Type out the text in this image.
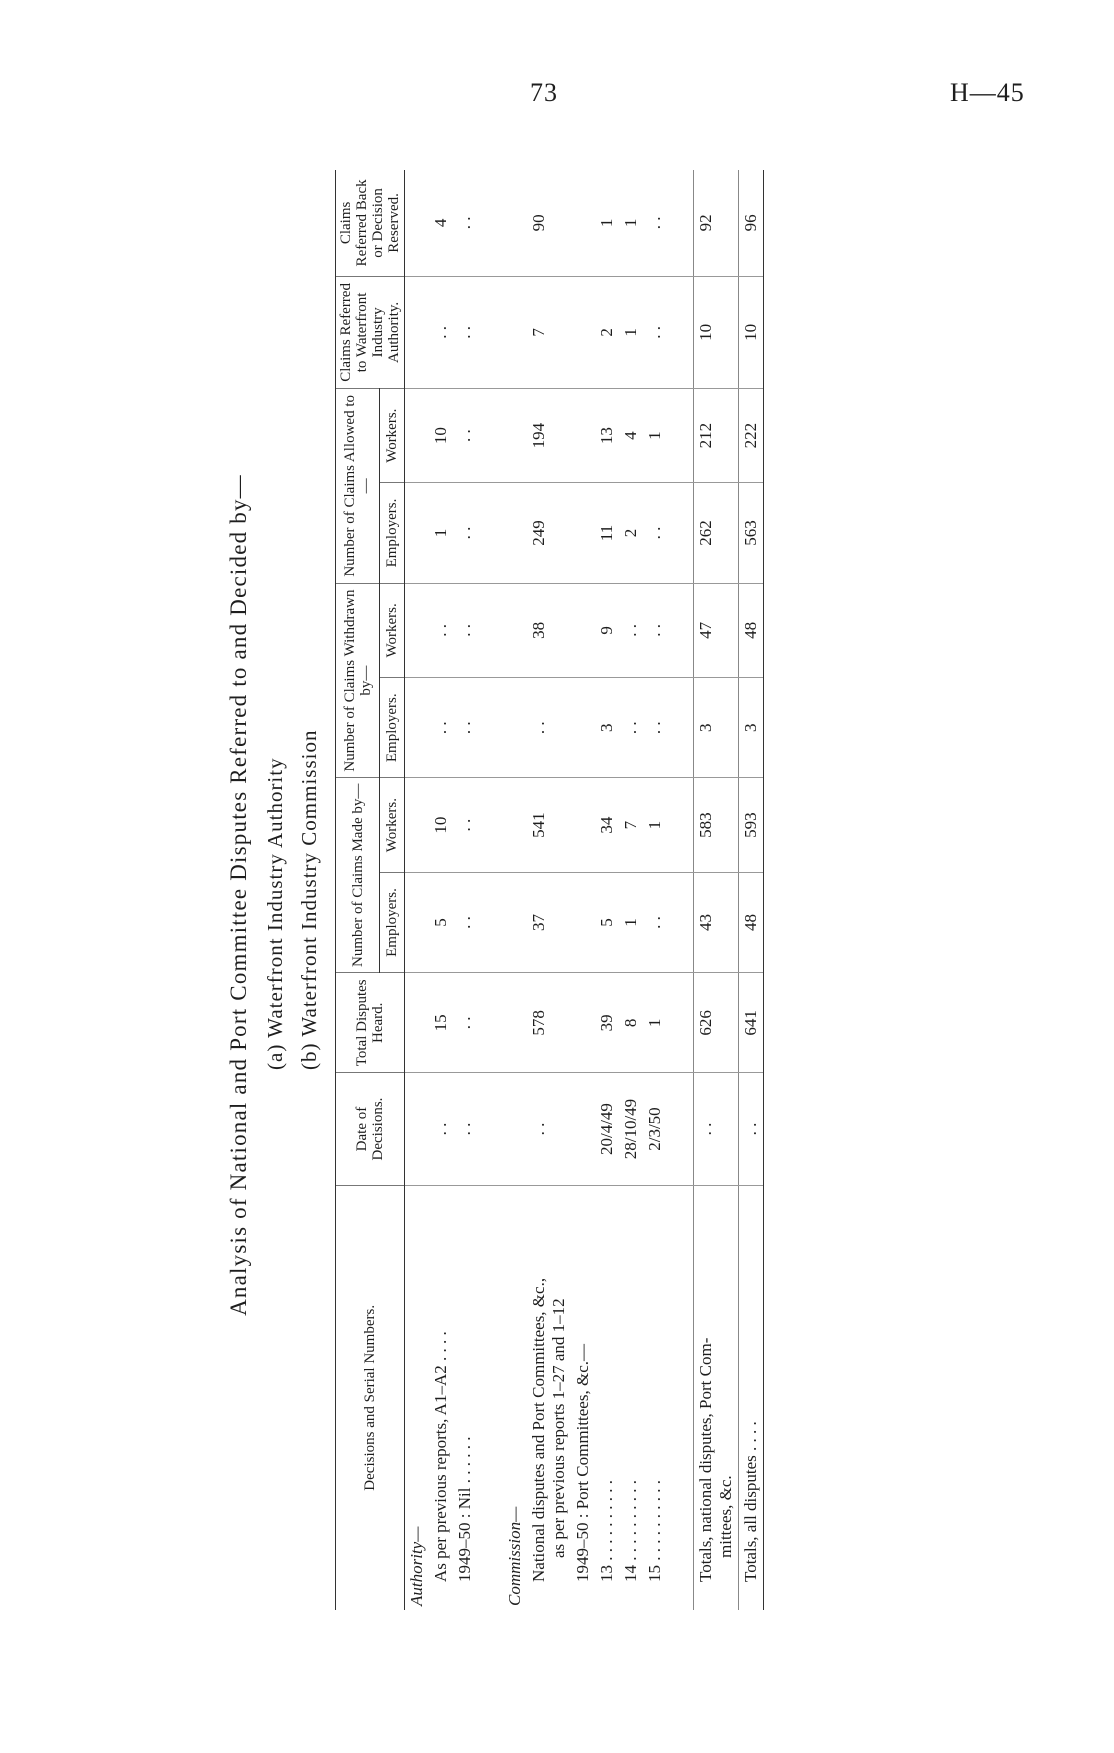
73	H—45
Analysis of National and Port Committee Disputes Referred to and Decided by— (a) Waterfront Industry Authority (b) Waterfront Industry Commission
Decisions and Serial Numbers.	Date of Decisions.	Total Disputes Heard.	Number of Claims Made by—		Number of Claims Withdrawn by—		Number of Claims Allowed to—		Claims Referred to Waterfront Industry Authority.	Claims Referred Back or Decision Reserved.
			Employers.	Workers.	Employers.	Workers.	Employers.	Workers.		
Authority—										

As per previous reports, A1–A2 . . . .	. .	15	5	10	. .	. .	1	10	. .	4

1949–50 : Nil . . . . . .	. .	. .	. .	. .	. .	. .	. .	. .	. .	. .

Commission—										

National disputes and Port Committees, &c., as per previous reports 1–27 and 1–12	. .	578	37	541	. .	38	249	194	7	90

1949–50 : Port Committees, &c.—										

13 . . . . . . . . . .	20/4/49	39	5	34	3	9	11	13	2	1

14 . . . . . . . . . .	28/10/49	8	1	7	. .	. .	2	4	1	1

15 . . . . . . . . . .	2/3/50	1	. .	1	. .	. .	. .	1	. .	. .

Totals, national disputes, Port Com- mittees, &c.	. .	626	43	583	3	47	262	212	10	92

Totals, all disputes . . . .	. .	641	48	593	3	48	563	222	10	96
